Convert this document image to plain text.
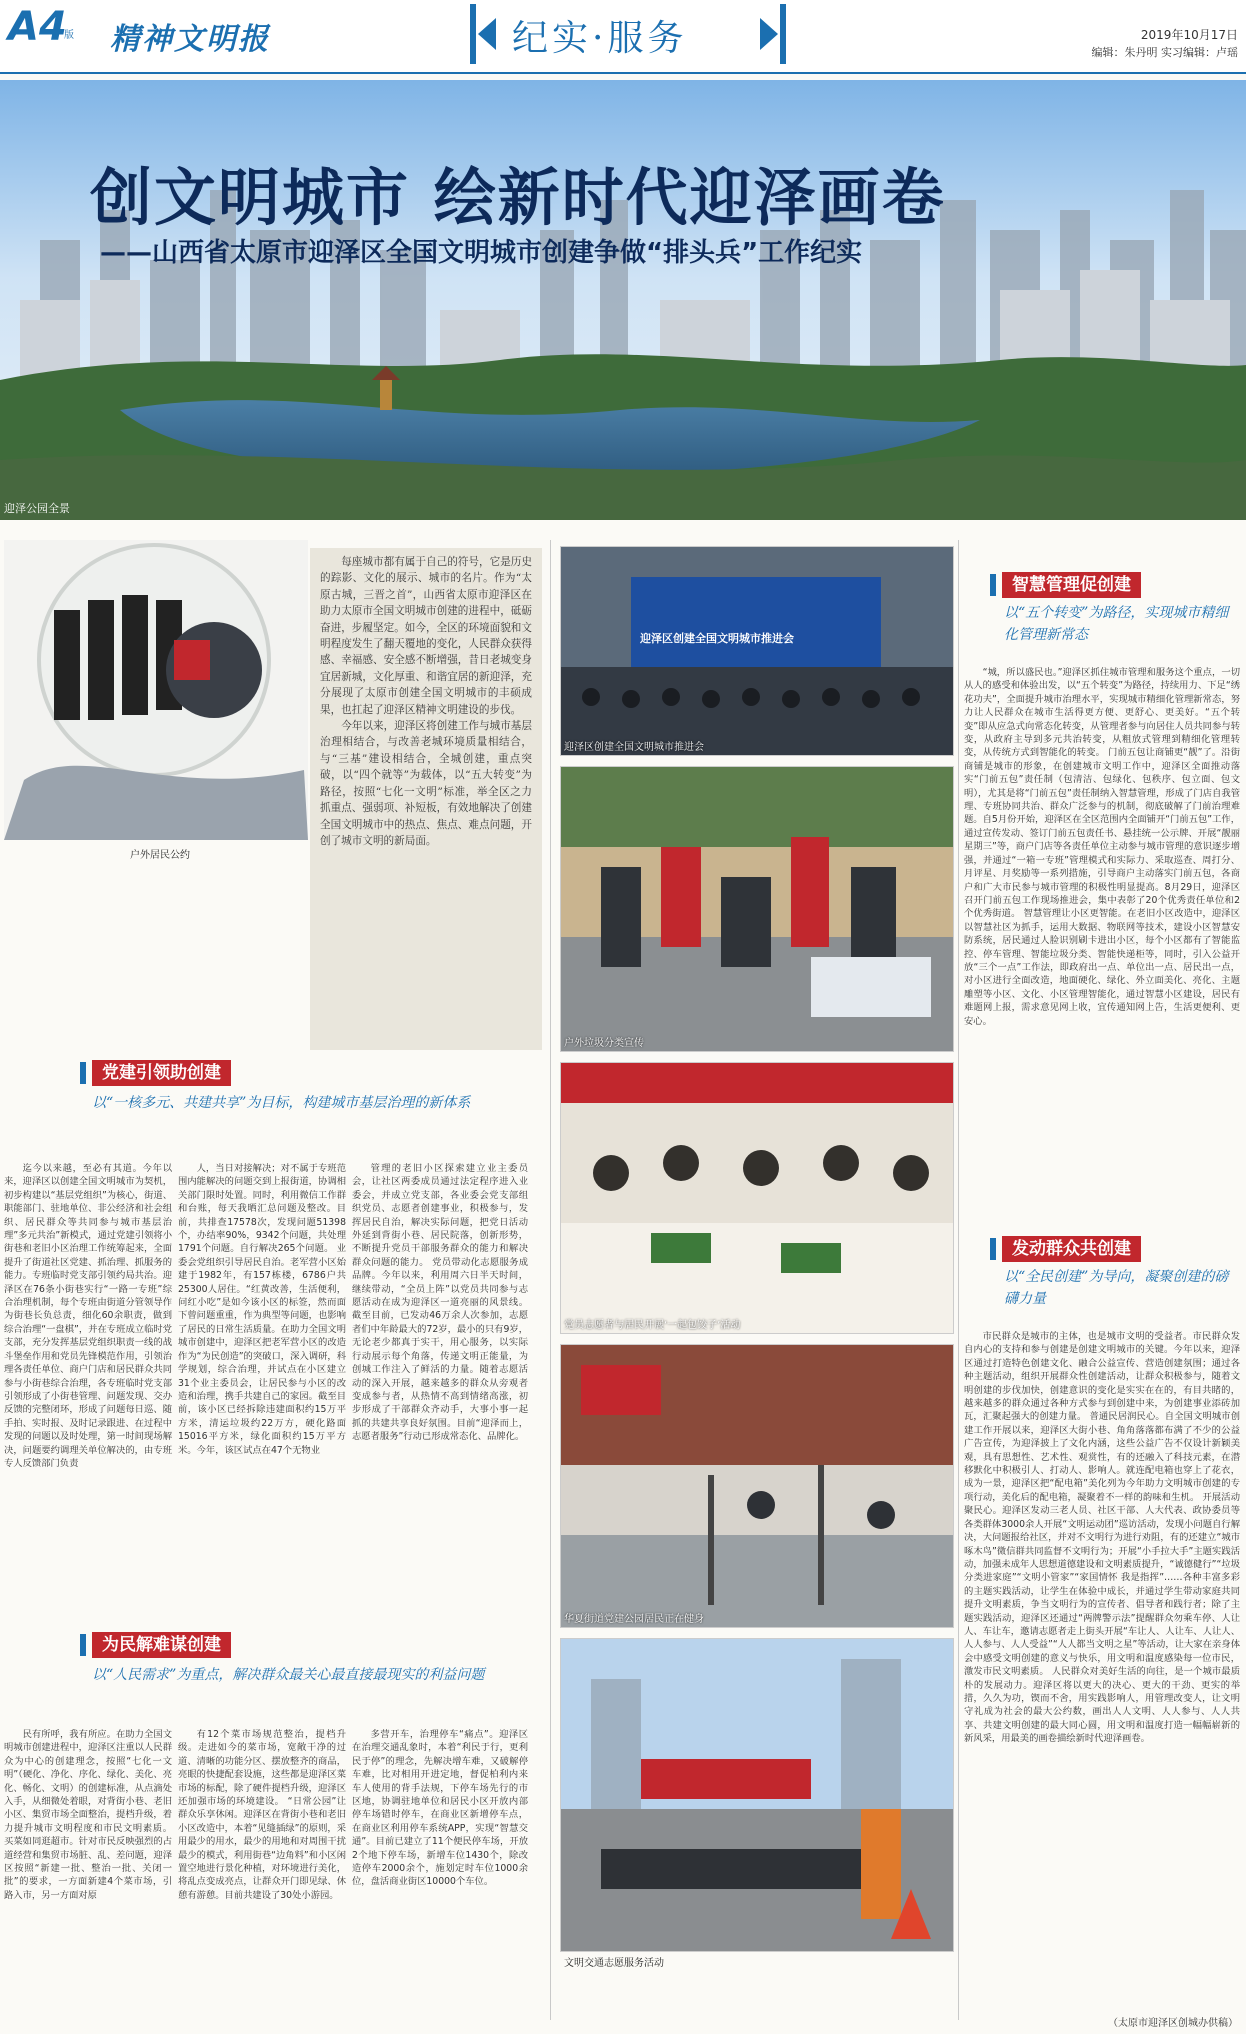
A4
版 精神文明报	纪实·服务	2019年10月17日
编辑：朱丹明 实习编辑：卢瑶
创文明城市 绘新时代迎泽画卷
——山西省太原市迎泽区全国文明城市创建争做“排头兵”工作纪实
迎泽公园全景
户外居民公约

每座城市都有属于自己的符号，它是历史的踪影、文化的展示、城市的名片。作为“太原古城，三晋之首”，山西省太原市迎泽区在助力太原市全国文明城市创建的进程中，砥砺奋进，步履坚定。如今，全区的环境面貌和文明程度发生了翻天覆地的变化，人民群众获得感、幸福感、安全感不断增强，昔日老城变身宜居新城，文化厚重、和谐宜居的新迎泽，充分展现了太原市创建全国文明城市的丰硕成果，也扛起了迎泽区精神文明建设的步伐。

今年以来，迎泽区将创建工作与城市基层治理相结合，与改善老城环境质量相结合，与“三基”建设相结合，全城创建，重点突破，以“四个就等”为载体，以“五大转变”为路径，按照“七化一文明”标准，举全区之力抓重点、强弱项、补短板，有效地解决了创建全国文明城市中的热点、焦点、难点问题，开创了城市文明的新局面。

党建引领助创建
以“一核多元、共建共享”为目标，构建城市基层治理的新体系

迄今以来越，至必有其道。今年以来，迎泽区以创建全国文明城市为契机，初步构建以“基层党组织”为核心，街道、职能部门、驻地单位、非公经济和社会组织、居民群众等共同参与城市基层治理”多元共治”新模式，通过党建引领将小街巷和老旧小区治理工作统筹起来，全面提升了街道社区党建、抓治理、抓服务的能力。专班临时党支部引领约局共治。迎泽区在76条小街巷实行“一路一专班”综合治理机制，每个专班由街道分管领导作为街巷长负总责，细化60余职责，做到综合治理“一盘棋”，并在专班成立临时党支部，充分发挥基层党组织职责一线的战斗堡垒作用和党员先锋模范作用，引领治理各责任单位、商户门店和居民群众共同参与小街巷综合治理，各专班临时党支部引领形成了小街巷管理、问题发现、交办反馈的完整闭环，形成了问题每日巡、随手拍、实时报、及时记录跟进、在过程中发现的问题以及时处理，第一时间现场解决，问题要约调理关单位解决的，由专班专人反馈部门负责

人，当日对接解决；对不属于专班范围内能解决的问题交到上报街道，协调相关部门限时处置。同时，利用微信工作群和台账，每天我晒汇总问题及整改。目前，共排查17578次，发现问题51398个，办结率90%，9342个问题，共处理1791个问题。自行解决265个问题。 业委会党组织引导居民自治。老军营小区始建于1982年，有157栋楼，6786户共25300人居住。“红黄改善，生活便利，问红小吃”是如今该小区的标签，然而面下曾问题重重，作为典型等问题，也影响了居民的日常生活质量。在助力全国文明城市创建中，迎泽区把老军营小区的改造作为“为民创造”的突破口，深入调研，科学规划，综合治理，并试点在小区建立31个业主委员会，让居民参与小区的改造和治理，携手共建自己的家园。截至目前，该小区已经拆除违建面积约15万平方米，清运垃圾约22万方，硬化路面15016平方米，绿化面积约15万平方米。今年，该区试点在47个无物业

管理的老旧小区探索建立业主委员会，让社区两委成员通过法定程序进入业委会，并成立党支部，各业委会党支部组织党员、志愿者创建事业，积极参与，发挥居民自治，解决实际问题，把党日活动外延到背街小巷、居民院落，创新形势，不断提升党员干部服务群众的能力和解决群众问题的能力。 党员带动化志愿服务成品牌。今年以来，利用周六日半天时间，继续带动，“全员上阵”以党员共同参与志愿活动在成为迎泽区一道亮丽的风景线。截至目前，已发动46万余人次参加，志愿者们中年龄最大的72岁，最小的只有9岁，无论老少都真于实干，用心服务，以实际行动展示每个角落，传递文明正能量，为创城工作注入了鲜活的力量。随着志愿活动的深入开展，越来越多的群众从旁观者变成参与者，从热情不高到情绪高涨，初步形成了干部群众齐动手，大事小事一起抓的共建共享良好氛围。目前“迎泽而上，志愿者服务”行动已形成常态化、品牌化。

为民解难谋创建
以“人民需求”为重点，解决群众最关心最直接最现实的利益问题

民有所呼，我有所应。在助力全国文明城市创建进程中，迎泽区注重以人民群众为中心的创建理念，按照“七化一文明”（硬化、净化、序化、绿化、美化、亮化、畅化、文明）的创建标准，从点滴处入手，从细微处着眼，对背街小巷、老旧小区、集贸市场全面整治，提档升级，着力提升城市文明程度和市民文明素质。 买菜如同逛超市。针对市民反映强烈的占道经营和集贸市场脏、乱、差问题，迎泽区按照“新建一批、整治一批、关闭一批”的要求，一方面新建4个菜市场，引路入市，另一方面对原

有12个菜市场规范整治，提档升级。走进如今的菜市场，宽敞干净的过道、清晰的功能分区、摆放整齐的商品，亮眼的快捷配套设施，这些都是迎泽区菜市场的标配，除了硬件提档升级，迎泽区还加强市场的环境建设。 “日常公园”让群众乐享休闲。迎泽区在背街小巷和老旧小区改造中，本着“见缝插绿”的原则，采用最少的用水，最少的用地和对周围干扰最少的模式，利用街巷“边角料”和小区闲置空地进行景化种植，对环境进行美化，将乱点变成亮点，让群众开门即见绿、休憩有游憩。目前共建设了30处小游园。

多营开车，治理停车“痛点”。迎泽区在治理交通乱象时，本着“利民于行，更利民于停”的理念，先解决增车难，又破解停车难，比对相用开进定地，督促柏利内来车人使用的背手法规，下停车场先行的市区地，协调驻地单位和居民小区开放内部停车场错时停车，在商业区新增停车点，在商业区利用停车系统APP，实现“智慧交通”。目前已建立了11个便民停车场，开放2个地下停车场，新增车位1430个，除改造停车2000余个，施划定时车位1000余位，盘活商业街区10000个车位。

迎泽区创建全国文明城市推进会
迎泽区创建全国文明城市推进会
户外垃圾分类宣传
党员志愿者与居民开展‘一起包饺子’活动
华夏街道党建公园居民正在健身
文明交通志愿服务活动
智慧管理促创建
以“五个转变”为路径，实现城市精细化管理新常态

“城，所以盛民也。”迎泽区抓住城市管理和服务这个重点，一切从人的感受和体验出发，以“五个转变”为路径，持续用力、下足“绣花功夫”，全面提升城市治理水平，实现城市精细化管理新常态，努力让人民群众在城市生活得更方便、更舒心、更美好。“五个转变”即从应急式向常态化转变，从管理者参与向居住人员共同参与转变，从政府主导到多元共治转变，从粗放式管理到精细化管理转变，从传统方式到智能化的转变。 门前五包让商铺更“靓”了。沿街商铺是城市的形象，在创建城市文明工作中，迎泽区全面推动落实“门前五包”责任制（包清洁、包绿化、包秩序、包立面、包文明），尤其是将“门前五包”责任制纳入智慧管理，形成了门店自我管理、专班协同共治、群众广泛参与的机制，彻底破解了门前治理难题。自5月份开始，迎泽区在全区范围内全面铺开“门前五包”工作，通过宣传发动、签订门前五包责任书、悬挂统一公示牌、开展“靓丽星期三”等，商户门店等各责任单位主动参与城市管理的意识逐步增强，并通过“一箱一专班”管理模式和实际力、采取巡查、周打分、月评星、月奖励等一系列措施，引导商户主动落实门前五包，各商户和广大市民参与城市管理的积极性明显提高。8月29日，迎泽区召开门前五包工作现场推进会，集中表彰了20个优秀责任单位和2个优秀街道。 智慧管理让小区更智能。在老旧小区改造中，迎泽区以智慧社区为抓手，运用大数据、物联网等技术，建设小区智慧安防系统，居民通过人脸识别刷卡进出小区，每个小区都有了智能监控、停车管理、智能垃圾分类、智能快递柜等，同时，引入公益开放“三个一点”工作法，即政府出一点、单位出一点、居民出一点，对小区进行全面改造，地面硬化、绿化、外立面美化、亮化、主题雕塑等小区、文化、小区管理智能化，通过智慧小区建设，居民有难题网上报，需求意见网上收，宜传通知网上告，生活更便利、更安心。

发动群众共创建
以“全民创建”为导向，凝聚创建的磅礴力量

市民群众是城市的主体，也是城市文明的受益者。市民群众发自内心的支持和参与创建是创建文明城市的关键。今年以来，迎泽区通过打造特色创建文化、融合公益宣传、营造创建氛围；通过各种主题活动，组织开展群众性创建活动，让群众积极参与，随着文明创建的步伐加快，创建意识的变化是实实在在的，有目共睹的，越来越多的群众通过各种方式参与到创建中来，为创建事业添砖加瓦，汇聚起强大的创建力量。 普通民居润民心。自全国文明城市创建工作开展以来，迎泽区大街小巷、角角落落都布满了不少的公益广告宣传，为迎泽披上了文化内涵，这些公益广告不仅设计新颖美观，具有思想性、艺术性、观赏性，有的还融入了科技元素，在潜移默化中积极引人、打动人、影响人。就连配电箱也穿上了花衣，成为一景，迎泽区把“配电箱”美化列为今年助力文明城市创建的专项行动，美化后的配电箱，凝聚着不一样的韵味和生机。 开展活动聚民心。迎泽区发动三老人员、社区干部、人大代表、政协委员等各类群体3000余人开展“文明运动团”巡访活动，发现小问题自行解决，大问题报给社区，并对不文明行为进行劝阻，有的还建立“城市啄木鸟”微信群共同监督不文明行为；开展“小手拉大手”主题实践活动，加强未成年人思想道德建设和文明素质提升，“诚德健行”“垃圾分类进家庭”“文明小管家”“家国情怀 我是指挥”……各种丰富多彩的主题实践活动，让学生在体验中成长，并通过学生带动家庭共同提升文明素质，争当文明行为的宣传者、倡导者和践行者；除了主题实践活动，迎泽区还通过“两牌警示法”提醒群众勿乘车停、人让人、车让车，邀请志愿者走上街头开展“车让人、人让车、人让人、人人参与、人人受益”“人人都当文明之星”等活动，让大家在亲身体会中感受文明创建的意义与快乐，用文明和温度感染每一位市民，激发市民文明素质。 人民群众对美好生活的向往，是一个城市最质朴的发展动力。迎泽区将以更大的决心、更大的干劲、更实的举措，久久为功，锲而不舍，用实践影响人，用管理改变人，让文明守礼成为社会的最大公约数，画出人人文明、人人参与、人人共享、共建文明创建的最大同心圆，用文明和温度打造一幅幅崭新的新风采，用最美的画卷描绘新时代迎泽画卷。

（太原市迎泽区创城办供稿）
